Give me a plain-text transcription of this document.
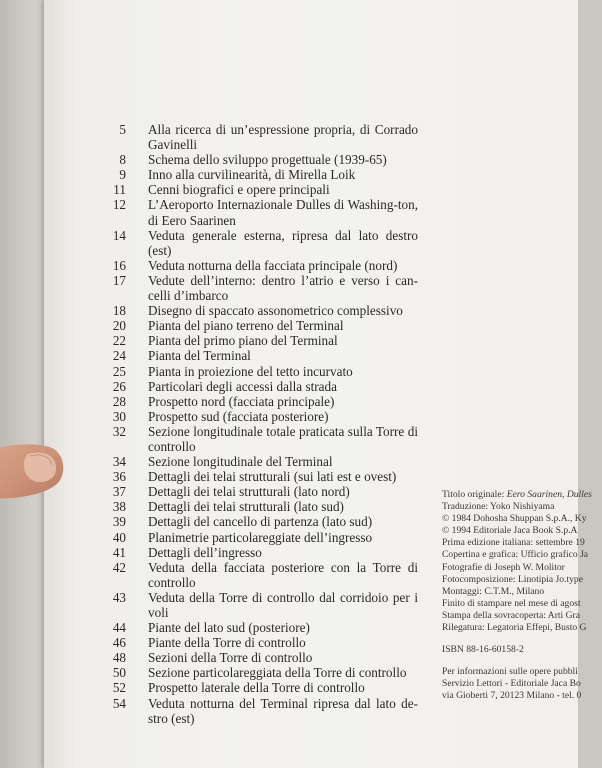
5 Alla ricerca di un’espressione propria, di Corrado Gavinelli
8 Schema dello sviluppo progettuale (1939-65)
9 Inno alla curvilinearità, di Mirella Loik
11 Cenni biografici e opere principali
12 L’Aeroporto Internazionale Dulles di Washing-ton, di Eero Saarinen
14 Veduta generale esterna, ripresa dal lato destro (est)
16 Veduta notturna della facciata principale (nord)
17 Vedute dell’interno: dentro l’atrio e verso i can-celli d’imbarco
18 Disegno di spaccato assonometrico complessivo
20 Pianta del piano terreno del Terminal
22 Pianta del primo piano del Terminal
24 Pianta del Terminal
25 Pianta in proiezione del tetto incurvato
26 Particolari degli accessi dalla strada
28 Prospetto nord (facciata principale)
30 Prospetto sud (facciata posteriore)
32 Sezione longitudinale totale praticata sulla Torre di controllo
34 Sezione longitudinale del Terminal
36 Dettagli dei telai strutturali (sui lati est e ovest)
37 Dettagli dei telai strutturali (lato nord)
38 Dettagli dei telai strutturali (lato sud)
39 Dettagli del cancello di partenza (lato sud)
40 Planimetrie particolareggiate dell’ingresso
41 Dettagli dell’ingresso
42 Veduta della facciata posteriore con la Torre di controllo
43 Veduta della Torre di controllo dal corridoio per i voli
44 Piante del lato sud (posteriore)
46 Piante della Torre di controllo
48 Sezioni della Torre di controllo
50 Sezione particolareggiata della Torre di controllo
52 Prospetto laterale della Torre di controllo
54 Veduta notturna del Terminal ripresa dal lato de-stro (est)
Titolo originale: Eero Saarinen, Dulles
Traduzione: Yoko Nishiyama
© 1984 Dohosha Shuppan S.p.A., Ky
© 1994 Editoriale Jaca Book S.p.A
Prima edizione italiana: settembre 19
Copertina e grafica: Ufficio grafico Ja
Fotografie di Joseph W. Molitor
Fotocomposizione: Linotipia Jo.type
Montaggi: C.T.M., Milano
Finito di stampare nel mese di agost
Stampa della sovracoperta: Arti Gra
Rilegatura: Legatoria Effepi, Busto G
ISBN 88-16-60158-2
Per informazioni sulle opere pubbli
Servizio Lettori - Editoriale Jaca Bo
via Gioberti 7, 20123 Milano - tel. 0
